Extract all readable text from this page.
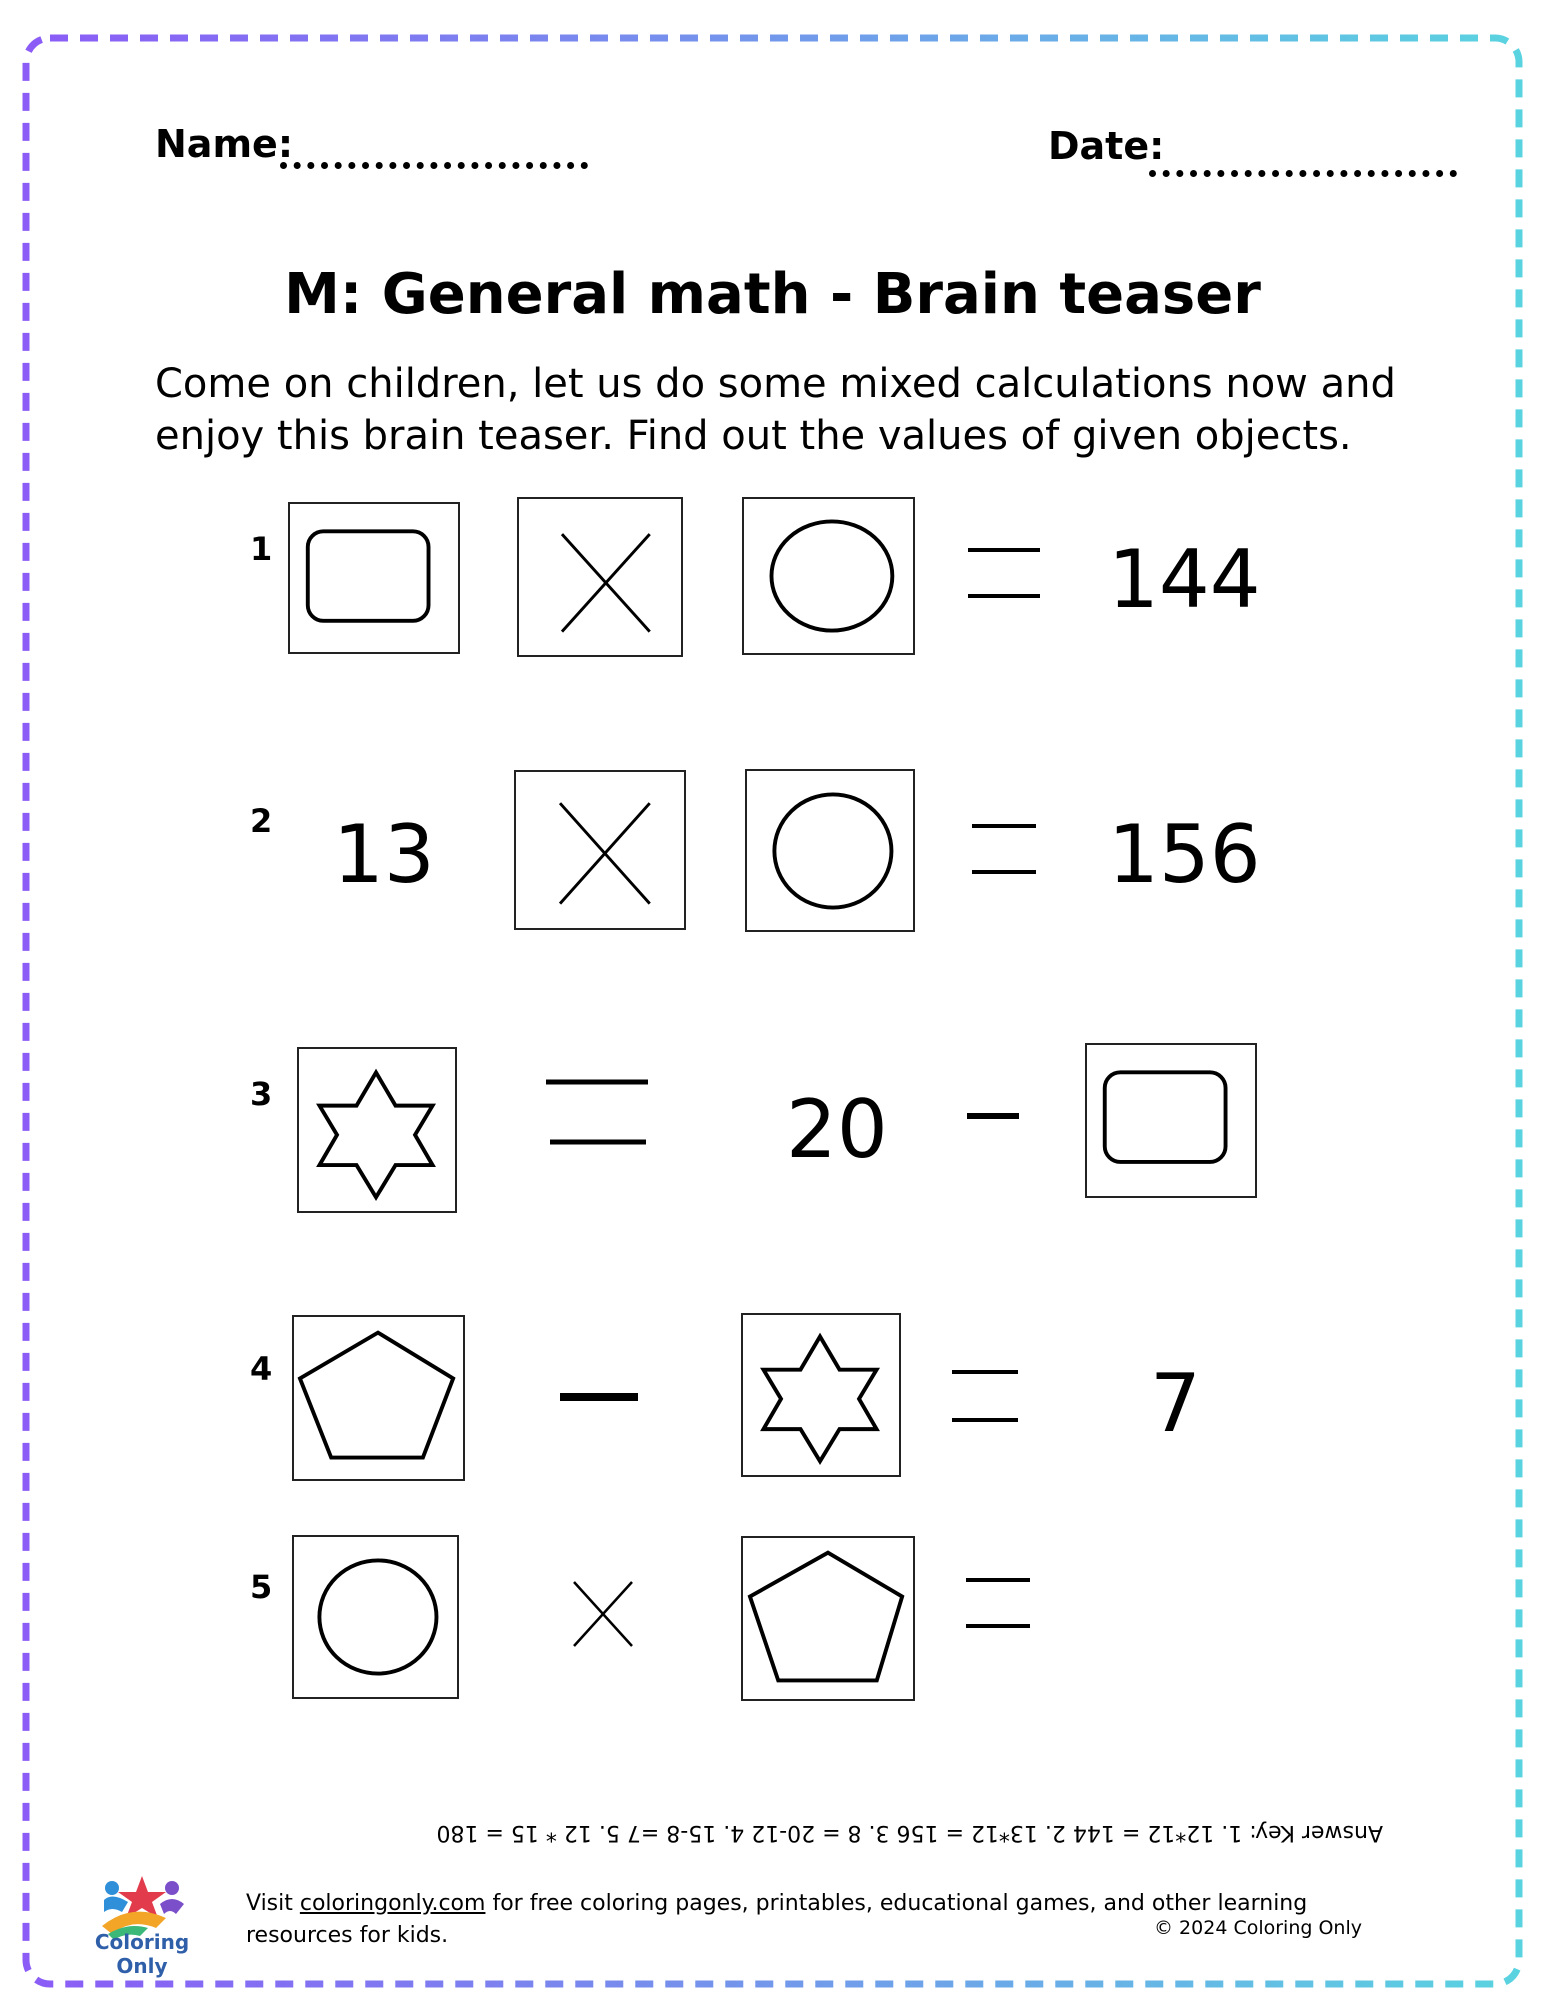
Name:	Date:
M: General math - Brain teaser
Come on children, let us do some mixed calculations now and enjoy this brain teaser. Find out the values of given objects.
1	144
2 13	156
3	20
4	7
5
Answer Key: 1. 12*12 = 144 2. 13*12 = 156 3. 8 = 20-12 4. 15-8 =7 5. 12 * 15 = 180
Coloring Only
Visit coloringonly.com for free coloring pages, printables, educational games, and other learning resources for kids.	© 2024 Coloring Only
